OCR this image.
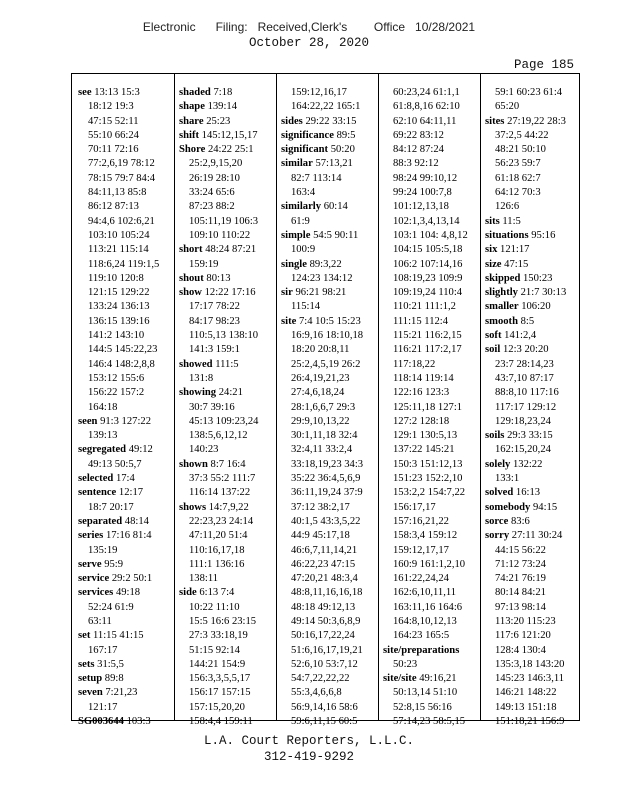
Electronic      Filing:   Received,Clerk's        Office   10/28/2021
October 28, 2020
Page 185
see 13:13 15:3
18:12 19:3
47:15 52:11
55:10 66:24
70:11 72:16
77:2,6,19 78:12
78:15 79:7 84:4
84:11,13 85:8
86:12 87:13
94:4,6 102:6,21
103:10 105:24
113:21 115:14
118:6,24 119:1,5
119:10 120:8
121:15 129:22
133:24 136:13
136:15 139:16
141:2 143:10
144:5 145:22,23
146:4 148:2,8,8
153:12 155:6
156:22 157:2
164:18
seen 91:3 127:22
139:13
segregated 49:12
49:13 50:5,7
selected 17:4
sentence 12:17
18:7 20:17
separated 48:14
series 17:16 81:4
135:19
serve 95:9
service 29:2 50:1
services 49:18
52:24 61:9
63:11
set 11:15 41:15
167:17
sets 31:5,5
setup 89:8
seven 7:21,23
121:17
SG003644 103:3
shaded 7:18
shape 139:14
share 25:23
shift 145:12,15,17
Shore 24:22 25:1
25:2,9,15,20
26:19 28:10
33:24 65:6
87:23 88:2
105:11,19 106:3
109:10 110:22
short 48:24 87:21
159:19
shout 80:13
show 12:22 17:16
17:17 78:22
84:17 98:23
110:5,13 138:10
141:3 159:1
showed 111:5
131:8
showing 24:21
30:7 39:16
45:13 109:23,24
138:5,6,12,12
140:23
shown 8:7 16:4
37:3 55:2 111:7
116:14 137:22
shows 14:7,9,22
22:23,23 24:14
47:11,20 51:4
110:16,17,18
111:1 136:16
138:11
side 6:13 7:4
10:22 11:10
15:5 16:6 23:15
27:3 33:18,19
51:15 92:14
144:21 154:9
156:3,3,5,5,17
156:17 157:15
157:15,20,20
158:4,4 159:11
159:12,16,17
164:22,22 165:1
sides 29:22 33:15
significance 89:5
significant 50:20
similar 57:13,21
82:7 113:14
163:4
similarly 60:14
61:9
simple 54:5 90:11
100:9
single 89:3,22
124:23 134:12
sir 96:21 98:21
115:14
site 7:4 10:5 15:23
16:9,16 18:10,18
18:20 20:8,11
25:2,4,5,19 26:2
26:4,19,21,23
27:4,6,18,24
28:1,6,6,7 29:3
29:9,10,13,22
30:1,11,18 32:4
32:4,11 33:2,4
33:18,19,23 34:3
35:22 36:4,5,6,9
36:11,19,24 37:9
37:12 38:2,17
40:1,5 43:3,5,22
44:9 45:17,18
46:6,7,11,14,21
46:22,23 47:15
47:20,21 48:3,4
48:8,11,16,16,18
48:18 49:12,13
49:14 50:3,6,8,9
50:16,17,22,24
51:6,16,17,19,21
52:6,10 53:7,12
54:7,22,22,22
55:3,4,6,6,8
56:9,14,16 58:6
59:6,11,15 60:5
60:23,24 61:1,1
61:8,8,16 62:10
62:10 64:11,11
69:22 83:12
84:12 87:24
88:3 92:12
98:24 99:10,12
99:24 100:7,8
101:12,13,18
102:1,3,4,13,14
103:1 104: 4,8,12
104:15 105:5,18
106:2 107:14,16
108:19,23 109:9
109:19,24 110:4
110:21 111:1,2
111:15 112:4
115:21 116:2,15
116:21 117:2,17
117:18,22
118:14 119:14
122:16 123:3
125:11,18 127:1
127:2 128:18
129:1 130:5,13
137:22 145:21
150:3 151:12,13
151:23 152:2,10
153:2,2 154:7,22
156:17,17
157:16,21,22
158:3,4 159:12
159:12,17,17
160:9 161:1,2,10
161:22,24,24
162:6,10,11,11
163:11,16 164:6
164:8,10,12,13
164:23 165:5
site/preparations
50:23
site/site 49:16,21
50:13,14 51:10
52:8,15 56:16
57:14,23 58:5,15
59:1 60:23 61:4
65:20
sites 27:19,22 28:3
37:2,5 44:22
48:21 50:10
56:23 59:7
61:18 62:7
64:12 70:3
126:6
sits 11:5
situations 95:16
six 121:17
size 47:15
skipped 150:23
slightly 21:7 30:13
smaller 106:20
smooth 8:5
soft 141:2,4
soil 12:3 20:20
23:7 28:14,23
43:7,10 87:17
88:8,10 117:16
117:17 129:12
129:18,23,24
soils 29:3 33:15
162:15,20,24
solely 132:22
133:1
solved 16:13
somebody 94:15
sorce 83:6
sorry 27:11 30:24
44:15 56:22
71:12 73:24
74:21 76:19
80:14 84:21
97:13 98:14
113:20 115:23
117:6 121:20
128:4 130:4
135:3,18 143:20
145:23 146:3,11
146:21 148:22
149:13 151:18
151:18,21 156:9
L.A. Court Reporters, L.L.C.
312-419-9292
